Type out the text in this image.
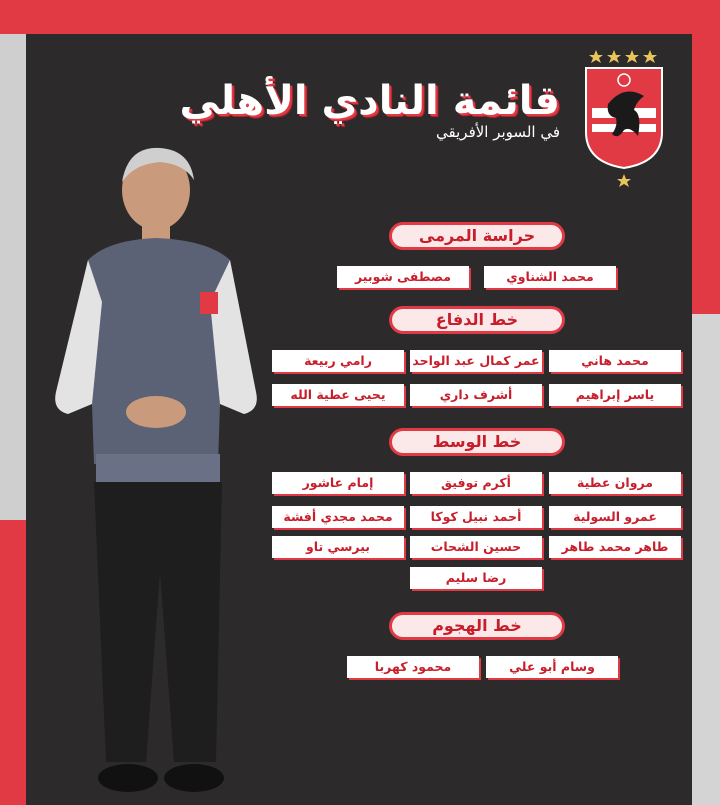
قائمة النادي الأهلي
في السوبر الأفريقي
حراسة المرمى
محمد الشناوي
مصطفى شوبير
خط الدفاع
محمد هاني
عمر كمال عبد الواحد
رامي ربيعة
ياسر إبراهيم
أشرف داري
يحيى عطية الله
خط الوسط
مروان عطية
أكرم توفيق
إمام عاشور
عمرو السولية
أحمد نبيل كوكا
محمد مجدي أفشة
طاهر محمد طاهر
حسين الشحات
بيرسي تاو
رضا سليم
خط الهجوم
وسام أبو علي
محمود كهربا
